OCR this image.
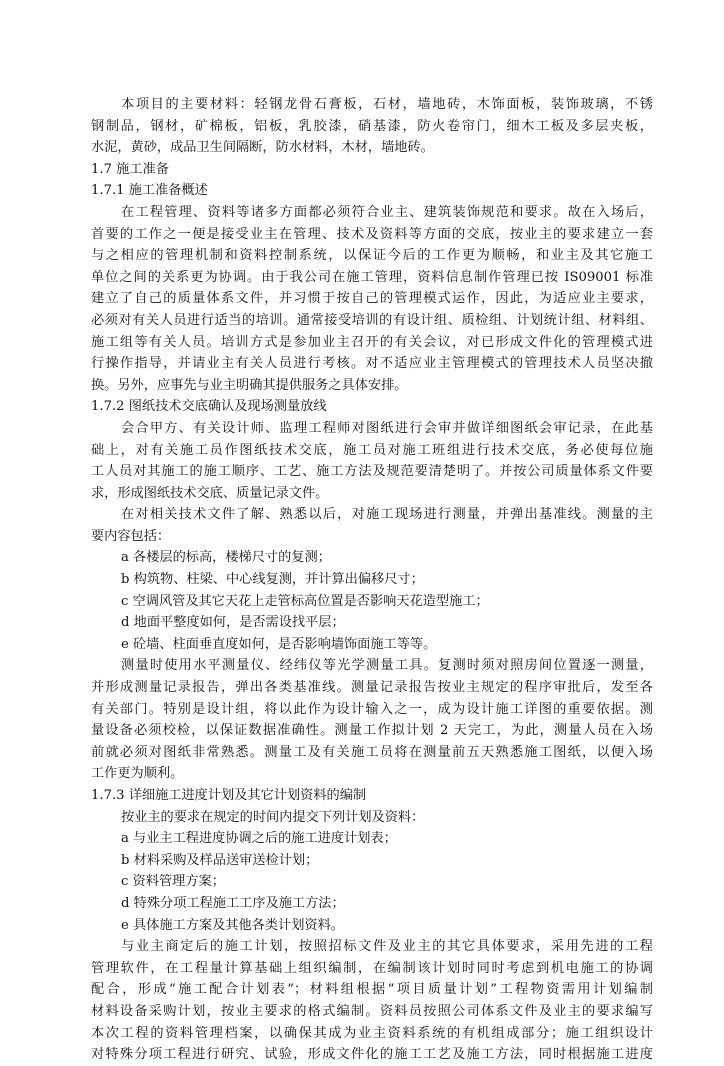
本项目的主要材料：轻钢龙骨石膏板，石材，墙地砖，木饰面板，装饰玻璃，不锈
钢制品，钢材，矿棉板，铝板，乳胶漆，硝基漆，防火卷帘门，细木工板及多层夹板，
水泥，黄砂，成品卫生间隔断，防水材料，木材，墙地砖。
1.7 施工准备
1.7.1 施工准备概述
在工程管理、资料等诸多方面都必须符合业主、建筑装饰规范和要求。故在入场后，
首要的工作之一便是接受业主在管理、技术及资料等方面的交底，按业主的要求建立一套
与之相应的管理机制和资料控制系统，以保证今后的工作更为顺畅，和业主及其它施工
单位之间的关系更为协调。由于我公司在施工管理，资料信息制作管理已按 IS09001 标准
建立了自己的质量体系文件，并习惯于按自己的管理模式运作，因此，为适应业主要求，
必须对有关人员进行适当的培训。通常接受培训的有设计组、质检组、计划统计组、材料组、
施工组等有关人员。培训方式是参加业主召开的有关会议，对已形成文件化的管理模式进
行操作指导，并请业主有关人员进行考核。对不适应业主管理模式的管理技术人员坚决撤
换。另外，应事先与业主明确其提供服务之具体安排。
1.7.2 图纸技术交底确认及现场测量放线
会合甲方、有关设计师、监理工程师对图纸进行会审并做详细图纸会审记录，在此基
础上，对有关施工员作图纸技术交底，施工员对施工班组进行技术交底，务必使每位施
工人员对其施工的施工顺序、工艺、施工方法及规范要清楚明了。并按公司质量体系文件要
求，形成图纸技术交底、质量记录文件。
在对相关技术文件了解、熟悉以后，对施工现场进行测量，并弹出基准线。测量的主
要内容包括：
a 各楼层的标高，楼梯尺寸的复测；
b 构筑物、柱梁、中心线复测，并计算出偏移尺寸；
c 空调风管及其它天花上走管标高位置是否影响天花造型施工；
d 地面平整度如何，是否需设找平层；
e 砼墙、柱面垂直度如何，是否影响墙饰面施工等等。
测量时使用水平测量仪、经纬仪等光学测量工具。复测时须对照房间位置逐一测量，
并形成测量记录报告，弹出各类基准线。测量记录报告按业主规定的程序审批后，发至各
有关部门。特别是设计组，将以此作为设计输入之一，成为设计施工详图的重要依据。测
量设备必须校检，以保证数据准确性。测量工作拟计划 2 天完工，为此，测量人员在入场
前就必须对图纸非常熟悉。测量工及有关施工员将在测量前五天熟悉施工图纸，以便入场
工作更为顺利。
1.7.3 详细施工进度计划及其它计划资料的编制
按业主的要求在规定的时间内提交下列计划及资料：
a 与业主工程进度协调之后的施工进度计划表；
b 材料采购及样品送审送检计划；
c 资料管理方案；
d 特殊分项工程施工工序及施工方法；
e 具体施工方案及其他各类计划资料。
与业主商定后的施工计划，按照招标文件及业主的其它具体要求，采用先进的工程
管理软件，在工程量计算基础上组织编制，在编制该计划时同时考虑到机电施工的协调
配合，形成“施工配合计划表”；材料组根据“项目质量计划”工程物资需用计划编制
材料设备采购计划，按业主要求的格式编制。资料员按照公司体系文件及业主的要求编写
本次工程的资料管理档案，以确保其成为业主资料系统的有机组成部分；施工组织设计
对特殊分项工程进行研究、试验，形成文件化的施工工艺及施工方法，同时根据施工进度
